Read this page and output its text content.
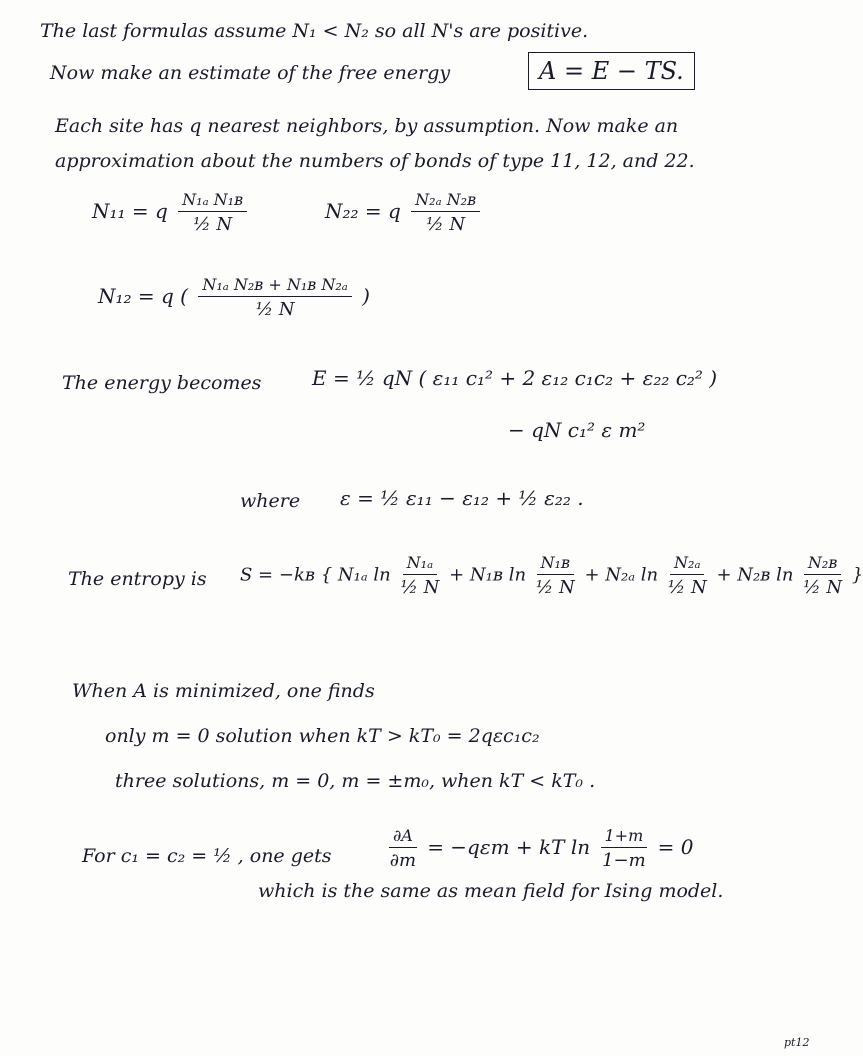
The last formulas assume N₁ < N₂ so all N's are positive.
Now make an estimate of the free energy	A = E − TS.
Each site has q nearest neighbors, by assumption. Now make an
approximation about the numbers of bonds of type 11, 12, and 22.
N₁₁ = q $\frac{\text{N₁ₐ N₁ʙ}}{\text{½ N}}$	N₂₂ = q $\frac{\text{N₂ₐ N₂ʙ}}{\text{½ N}}$
N₁₂ = q ( $\frac{\text{N₁ₐ N₂ʙ + N₁ʙ N₂ₐ}}{\text{½ N}}$ )
The energy becomes	E = ½ qN ( ε₁₁ c₁² + 2 ε₁₂ c₁c₂ + ε₂₂ c₂² )
− qN c₁² ε m²
where ε = ½ ε₁₁ − ε₁₂ + ½ ε₂₂ .
The entropy is S = −kʙ { N₁ₐ $\ln \frac{\text{N₁ₐ}}{\text{½ N}}$ + N₁ʙ $\ln \frac{\text{N₁ʙ}}{\text{½ N}} + N_{2a}$ $\ln \frac{\text{N₂ₐ}}{\text{½ N}}$ + N₂ʙ $\ln \frac{\text{N₂ʙ}}{\text{½ N}}$ }
When A is minimized, one finds
only m = 0 solution when kT > kT₀ = 2qεc₁c₂
three solutions, m = 0, m = ±m₀, when kT < kT₀ .
For c₁ = c₂ = ½ , one gets	$\frac{\partial A}{\partial m} = -q\varepsilon m$ + kT $\ln \frac{1+m}{1-m} = 0$
which is the same as mean field for Ising model.
pt12
